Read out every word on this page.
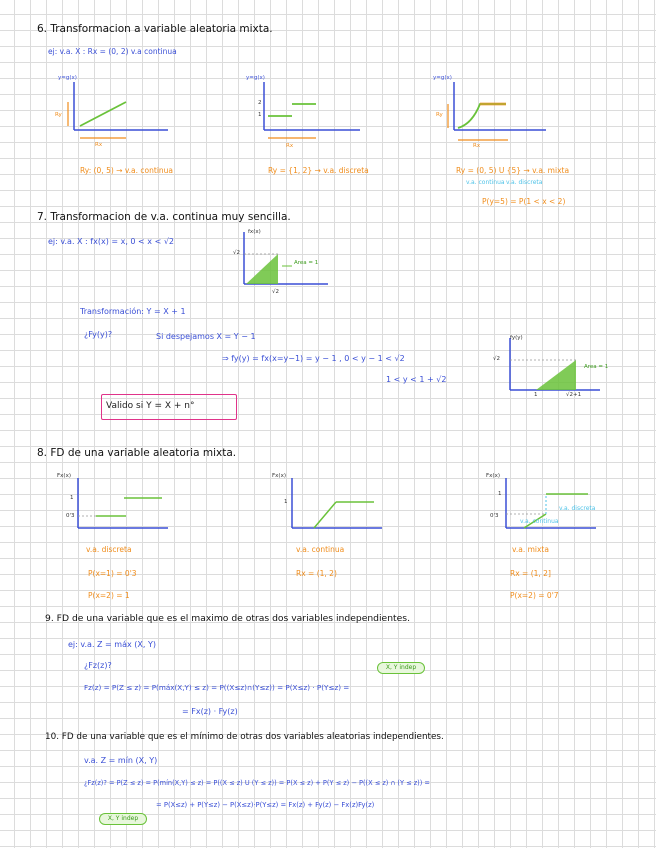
6. Transformacion a variable aleatoria mixta.
ej: v.a. X : Rx = (0, 2) v.a continua
y=g(x)
Ry
Rx
Ry: (0, 5) → v.a. continua
y=g(x)
2
1
Rx
Ry = {1, 2} → v.a. discreta
y=g(x)
Ry
Rx
Ry = (0, 5) U {5} → v.a. mixta
v.a. continua v.a. discreta
P(y=5) = P(1 < x < 2)
7. Transformacion de v.a. continua muy sencilla.
ej: v.a. X : fx(x) = x, 0 < x < √2
fx(x)
√2
√2
Area = 1
Transformación: Y = X + 1
¿Fy(y)?	Si despejamos X = Y − 1
⇒ fy(y) = fx(x=y−1) = y − 1 , 0 < y − 1 < √2
1 < y < 1 + √2
fy(y)
√2
1	√2+1
Area = 1
Valido si Y = X + n°
8. FD de una variable aleatoria mixta.
Fx(x)
1
0'3
v.a. discreta
P(x=1) = 0'3
P(x=2) = 1
Fx(x)
1
v.a. continua
Rx = (1, 2)
Fx(x)
1
0'3
v.a. discreta
v.a. continua
v.a. mixta
Rx = (1, 2]
P(x=2) = 0'7
9. FD de una variable que es el maximo de otras dos variables independientes.
ej: v.a. Z = máx (X, Y)
¿Fz(z)?	X, Y indep
Fz(z) = P(Z ≤ z) = P(máx(X,Y) ≤ z) = P((X≤z)∩(Y≤z)) = P(X≤z) · P(Y≤z) =
= Fx(z) · Fy(z)
10. FD de una variable que es el mínimo de otras dos variables aleatorias independientes.
v.a. Z = mín (X, Y)
¿Fz(z)? = P(Z ≤ z) = P(mín(X,Y) ≤ z) = P((X ≤ z) U (Y ≤ z)) = P(X ≤ z) + P(Y ≤ z) − P((X ≤ z) ∩ (Y ≤ z)) =
= P(X≤z) + P(Y≤z) − P(X≤z)·P(Y≤z) = Fx(z) + Fy(z) − Fx(z)Fy(z)
X, Y indep
